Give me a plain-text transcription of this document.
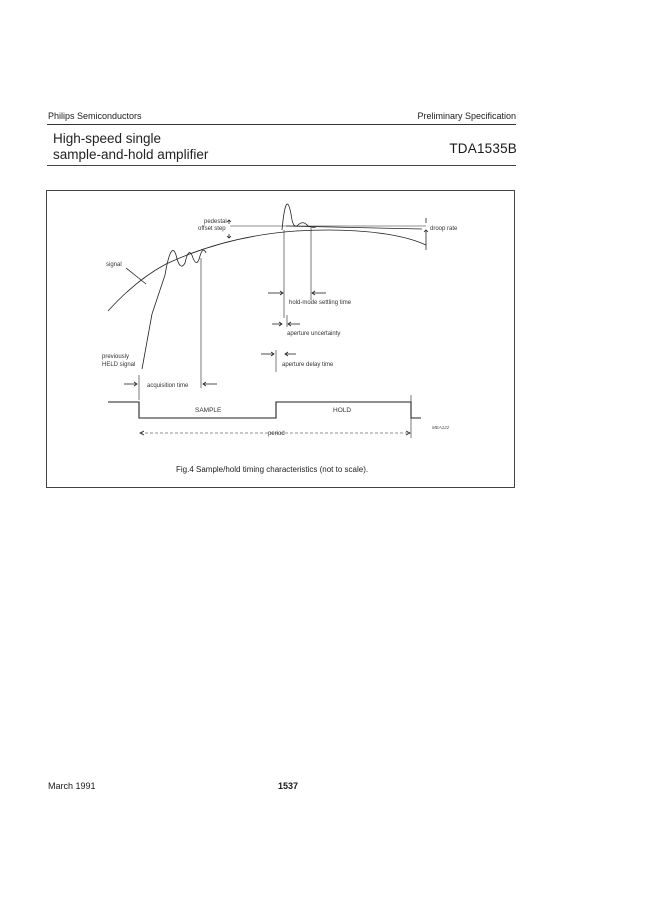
Philips Semiconductors	Preliminary Specification
High-speed single
sample-and-hold amplifier	TDA1535B
pedestal
offset step	droop rate
signal
hold-mode settling time
aperture uncertainty
previously
HELD signal	aperture delay time
acquisition time
SAMPLE	HOLD
period
MEA122
Fig.4 Sample/hold timing characteristics (not to scale).
March 1991	1537
